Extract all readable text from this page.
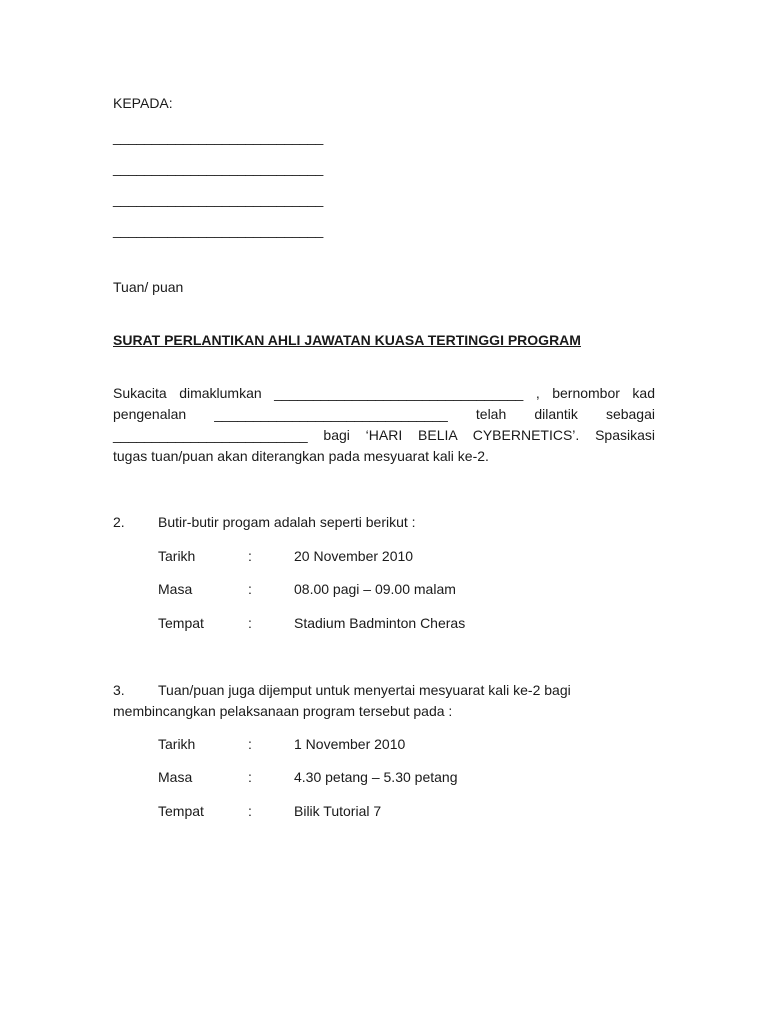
KEPADA:
___________________________
___________________________
___________________________
___________________________
Tuan/ puan
SURAT PERLANTIKAN AHLI JAWATAN KUASA TERTINGGI PROGRAM
Sukacita dimaklumkan ________________________________ , bernombor kad
pengenalan ______________________________ telah dilantik sebagai
_________________________ bagi ‘HARI BELIA CYBERNETICS’. Spasikasi
tugas tuan/puan akan diterangkan pada mesyuarat kali ke-2.
2. Butir-butir progam adalah seperti berikut :
Tarikh	:	20 November 2010
Masa	:	08.00 pagi – 09.00 malam
Tempat	:	Stadium Badminton Cheras
3. Tuan/puan juga dijemput untuk menyertai mesyuarat kali ke-2 bagi
membincangkan pelaksanaan program tersebut pada :
Tarikh	:	1 November 2010
Masa	:	4.30 petang – 5.30 petang
Tempat	:	Bilik Tutorial 7
